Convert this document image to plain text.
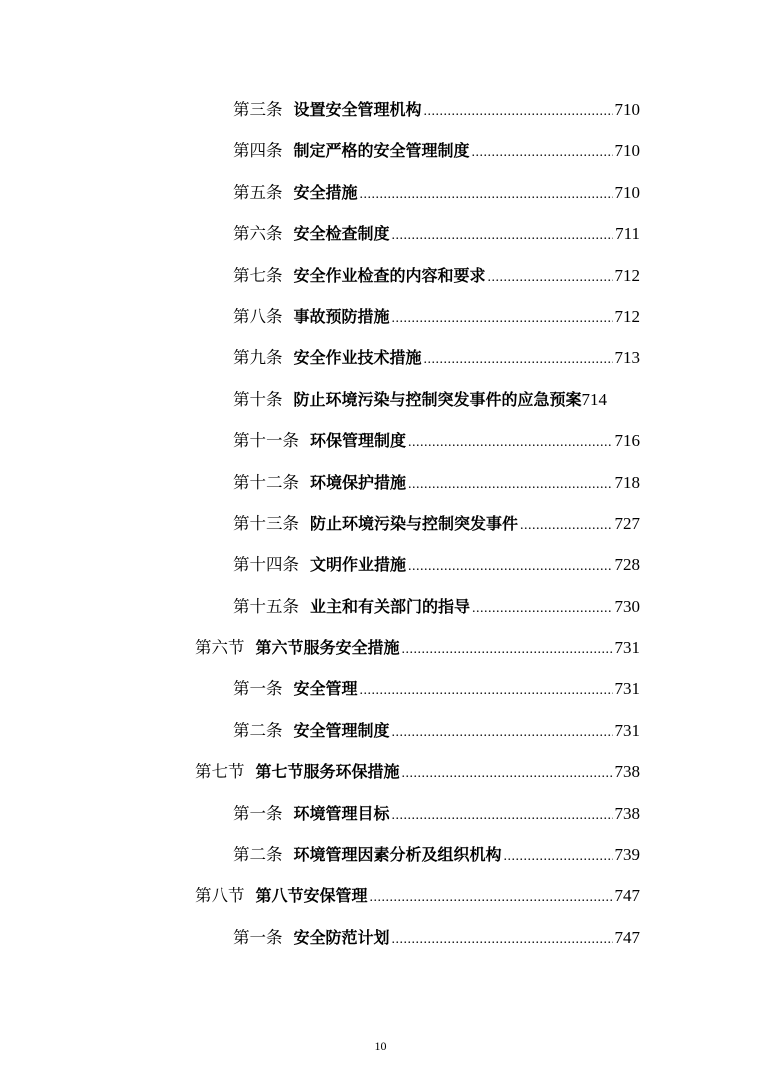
第三条 设置安全管理机构 .....	710
第四条 制定严格的安全管理制度 .....	710
第五条 安全措施 .....	710
第六条 安全检查制度 .....	711
第七条 安全作业检查的内容和要求 .....	712
第八条 事故预防措施 .....	712
第九条 安全作业技术措施 .....	713
第十条 防止环境污染与控制突发事件的应急预案 714
第十一条 环保管理制度 .....	716
第十二条 环境保护措施 .....	718
第十三条 防止环境污染与控制突发事件 .....	727
第十四条 文明作业措施 .....	728
第十五条 业主和有关部门的指导 .....	730
第六节 第六节服务安全措施 .....	731
第一条 安全管理 .....	731
第二条 安全管理制度 .....	731
第七节 第七节服务环保措施 .....	738
第一条 环境管理目标 .....	738
第二条 环境管理因素分析及组织机构 .....	739
第八节 第八节安保管理 .....	747
第一条 安全防范计划 .....	747
10
